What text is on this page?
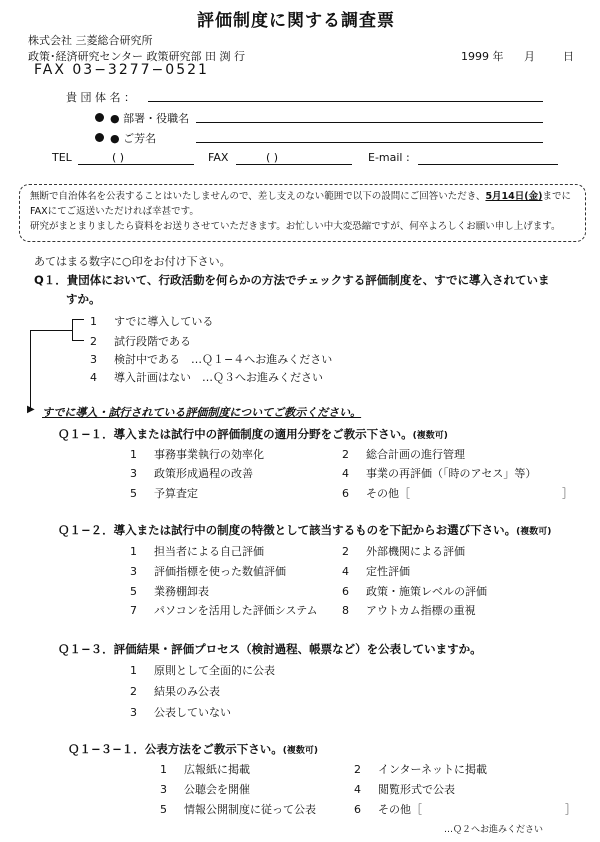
評価制度に関する調査票
株式会社 三菱総合研究所
政策･経済研究センター 政策研究部 田 渕 行	1999 年 月	日
FAX 03−3277−0521
貴 団 体 名 ：
● 部署・役職名
● ご芳名
TEL	( )	FAX	( )	E-mail :
無断で自治体名を公表することはいたしませんので、差し支えのない範囲で以下の設問にご回答いただき、5月14日(金)までに
FAXにてご返送いただければ幸甚です。
研究がまとまりましたら資料をお送りさせていただきます。お忙しい中大変恐縮ですが、何卒よろしくお願い申し上げます。
あてはまる数字に○印をお付け下さい。
Q１．貴団体において、行政活動を何らかの方法でチェックする評価制度を、すでに導入されていま
すか。
▶
1 すでに導入している
2 試行段階である
3 検討中である　…Ｑ１−４へお進みください
4 導入計画はない　…Ｑ３へお進みください
すでに導入・試行されている評価制度についてご教示ください。
Ｑ１−１．導入または試行中の評価制度の適用分野をご教示下さい。(複数可)
1 事務事業執行の効率化	2 総合計画の進行管理
3 政策形成過程の改善	4 事業の再評価（「時のアセス」等）
5 予算査定	6 その他［	］
Ｑ１−２．導入または試行中の制度の特徴として該当するものを下記からお選び下さい。(複数可)
1 担当者による自己評価	2 外部機関による評価
3 評価指標を使った数値評価	4 定性評価
5 業務棚卸表	6 政策・施策レベルの評価
7 パソコンを活用した評価システム 8 アウトカム指標の重視
Ｑ１−３．評価結果・評価プロセス（検討過程、帳票など）を公表していますか。
1 原則として全面的に公表
2 結果のみ公表
3 公表していない
Ｑ１−３−１．公表方法をご教示下さい。(複数可)
1 広報紙に掲載	2 インターネットに掲載
3 公聴会を開催	4 閲覧形式で公表
5 情報公開制度に従って公表	6 その他［	］
…Ｑ２へお進みください
